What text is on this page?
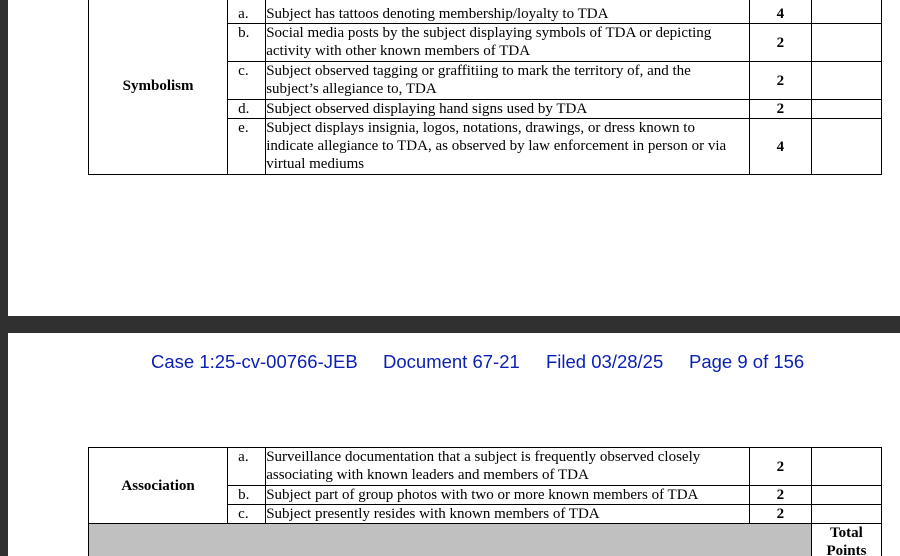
Symbolism	a.	Subject has tattoos denoting membership/loyalty to TDA	4	
	b.	Social media posts by the subject displaying symbols of TDA or depicting activity with other known members of TDA	2	
	c.	Subject observed tagging or graffitiing to mark the territory of, and the subject’s allegiance to, TDA	2	
	d.	Subject observed displaying hand signs used by TDA	2	
	e.	Subject displays insignia, logos, notations, drawings, or dress known to indicate allegiance to TDA, as observed by law enforcement in person or via virtual mediums	4	
Case 1:25-cv-00766-JEB Document 67-21 Filed 03/28/25 Page 9 of 156
Association	a.	Surveillance documentation that a subject is frequently observed closely associating with known leaders and members of TDA	2	
	b.	Subject part of group photos with two or more known members of TDA	2	
	c.	Subject presently resides with known members of TDA	2	
				Total Points
